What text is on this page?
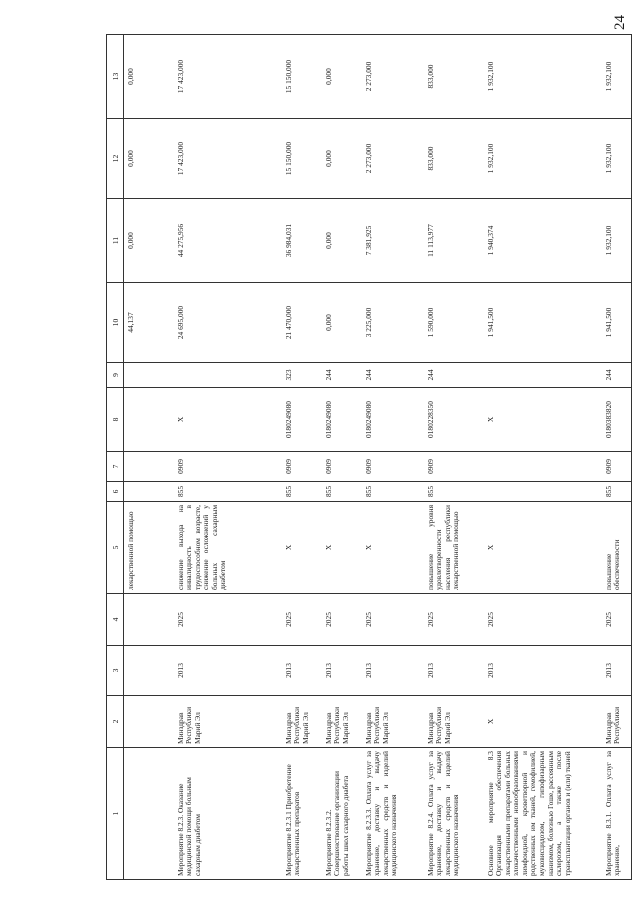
24
1	2	3	4	5	6	7	8	9	10	11	12	13
				лекарственной помощью					44,137	0,000	0,000	0,000
Мероприятие 8.2.3. Оказание медицинской помощи больным сахарным диабетом	Минздрав Республики Марий Эл	2013	2025	снижение выхода на инвалидность в трудоспособном возрасте, снижение осложнений у больных сахарным диабетом	855	0909	Х		24 695,000	44 275,956	17 423,000	17 423,000
Мероприятие 8.2.3.1 Приобретение лекарственных препаратов	Минздрав Республики Марий Эл	2013	2025	Х	855	0909	0180249080	323	21 470,000	36 984,031	15 150,000	15 150,000
Мероприятие 8.2.3.2. Совершенствование организации работы школ сахарного диабета	Минздрав Республики Марий Эл	2013	2025	Х	855	0909	0180249080	244	0,000	0,000	0,000	0,000
Мероприятие 8.2.3.3. Оплата услуг за хранение, доставку и выдачу лекарственных средств и изделий медицинского назначения	Минздрав Республики Марий Эл	2013	2025	Х	855	0909	0180249080	244	3 225,000	7 381,925	2 273,000	2 273,000
Мероприятие 8.2.4. Оплата услуг за хранение, доставку и выдачу лекарственных средств и изделий медицинского назначения	Минздрав Республики Марий Эл	2013	2025	повышение уровня удовлетворенности населения республики лекарственной помощью	855	0909	0180228350	244	1 590,000	11 113,977	833,000	833,000
Основное мероприятие 8.3 Организация обеспечения лекарственными препаратами больных злокачественными новообразованиями лимфоидной, кроветворной и родственных им тканей, гемофилией, муковисцидозом, гипофизарным нанизмом, болезнью Гоше, рассеянным склерозом, а также после трансплантации органов и (или) тканей	Х	2013	2025	Х			Х		1 941,500	1 940,374	1 932,100	1 932,100
Мероприятие 8.3.1. Оплата услуг за хранение,	Минздрав Республики	2013	2025	повышение обеспеченности	855	0909	0180383820	244	1 941,500	1 932,100	1 932,100	1 932,100
